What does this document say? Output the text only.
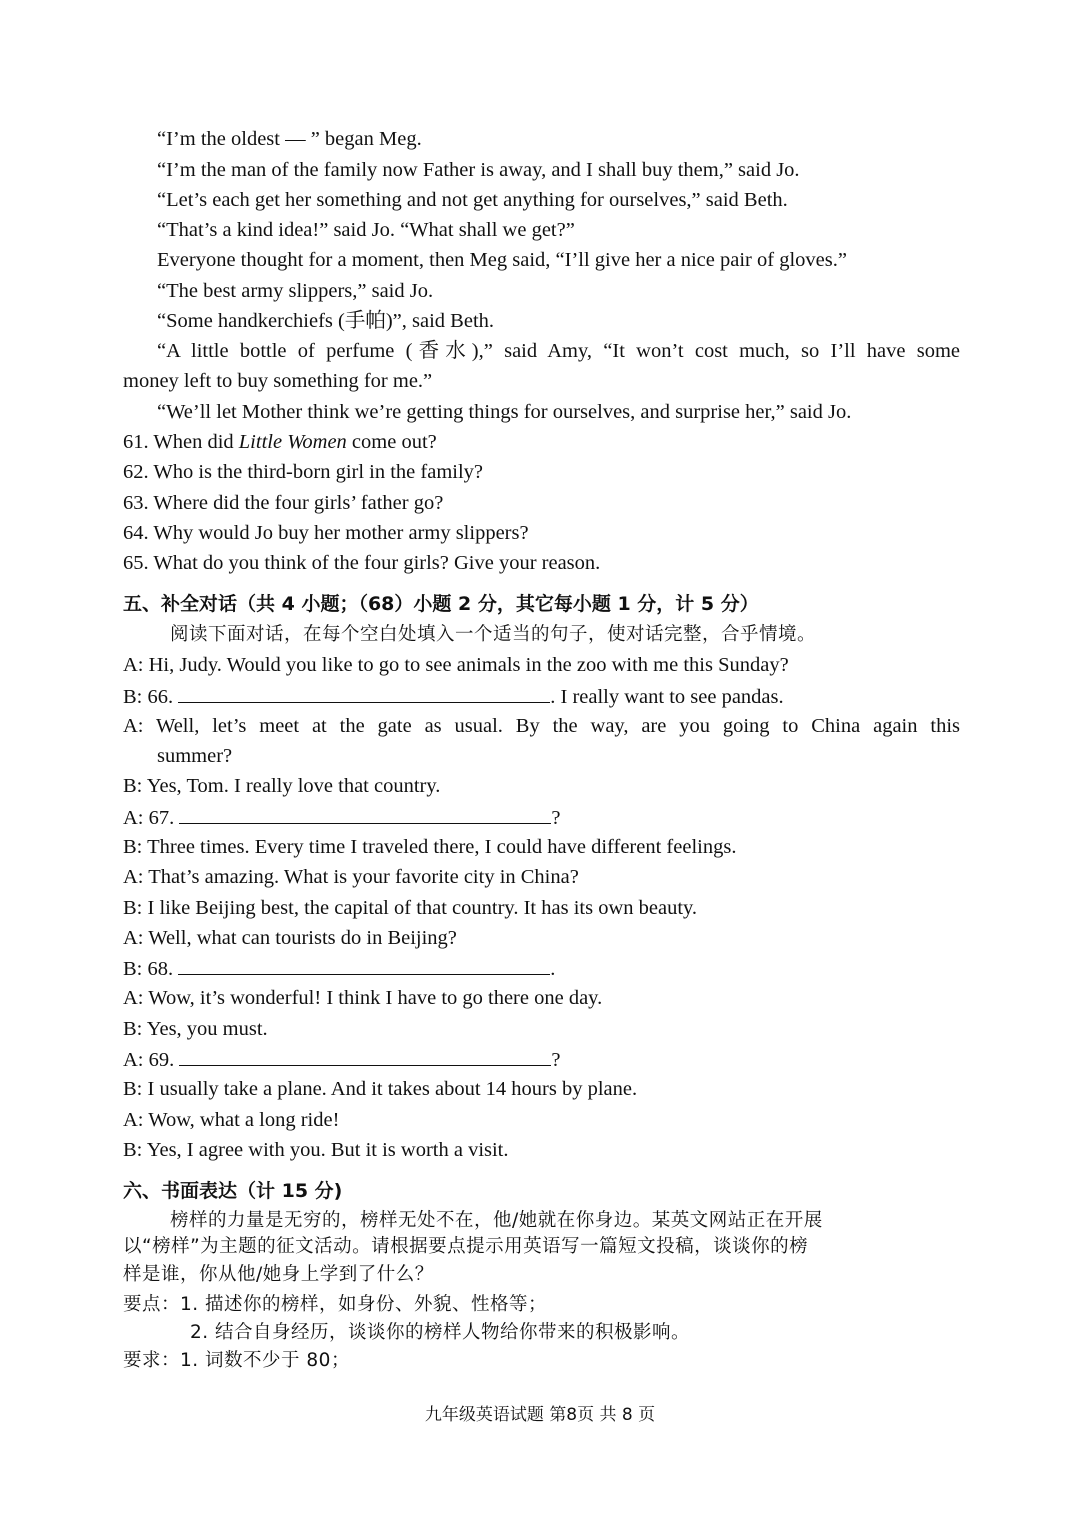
“I’m the oldest — ” began Meg.
“I’m the man of the family now Father is away, and I shall buy them,” said Jo.
“Let’s each get her something and not get anything for ourselves,” said Beth.
“That’s a kind idea!” said Jo. “What shall we get?”
Everyone thought for a moment, then Meg said, “I’ll give her a nice pair of gloves.”
“The best army slippers,” said Jo.
“Some handkerchiefs (手帕)”, said Beth.
“A little bottle of perfume (香水),” said Amy, “It won’t cost much, so I’ll have some
money left to buy something for me.”
“We’ll let Mother think we’re getting things for ourselves, and surprise her,” said Jo.
61. When did Little Women come out?
62. Who is the third-born girl in the family?
63. Where did the four girls’ father go?
64. Why would Jo buy her mother army slippers?
65. What do you think of the four girls? Give your reason.
五、补全对话（共 4 小题；（68）小题 2 分，其它每小题 1 分，计 5 分）
阅读下面对话，在每个空白处填入一个适当的句子，使对话完整，合乎情境。
A: Hi, Judy. Would you like to go to see animals in the zoo with me this Sunday?
B: 66.	. I really want to see pandas.
A: Well, let’s meet at the gate as usual. By the way, are you going to China again this
summer?
B: Yes, Tom. I really love that country.
A: 67.	?
B: Three times. Every time I traveled there, I could have different feelings.
A: That’s amazing. What is your favorite city in China?
B: I like Beijing best, the capital of that country. It has its own beauty.
A: Well, what can tourists do in Beijing?
B: 68.	.
A: Wow, it’s wonderful! I think I have to go there one day.
B: Yes, you must.
A: 69.	?
B: I usually take a plane. And it takes about 14 hours by plane.
A: Wow, what a long ride!
B: Yes, I agree with you. But it is worth a visit.
六、书面表达（计 15 分)
榜样的力量是无穷的，榜样无处不在，他/她就在你身边。某英文网站正在开展
以“榜样”为主题的征文活动。请根据要点提示用英语写一篇短文投稿，谈谈你的榜
样是谁，你从他/她身上学到了什么？
要点：1. 描述你的榜样，如身份、外貌、性格等；
2. 结合自身经历，谈谈你的榜样人物给你带来的积极影响。
要求：1. 词数不少于 80；
九年级英语试题 第8页 共 8 页
